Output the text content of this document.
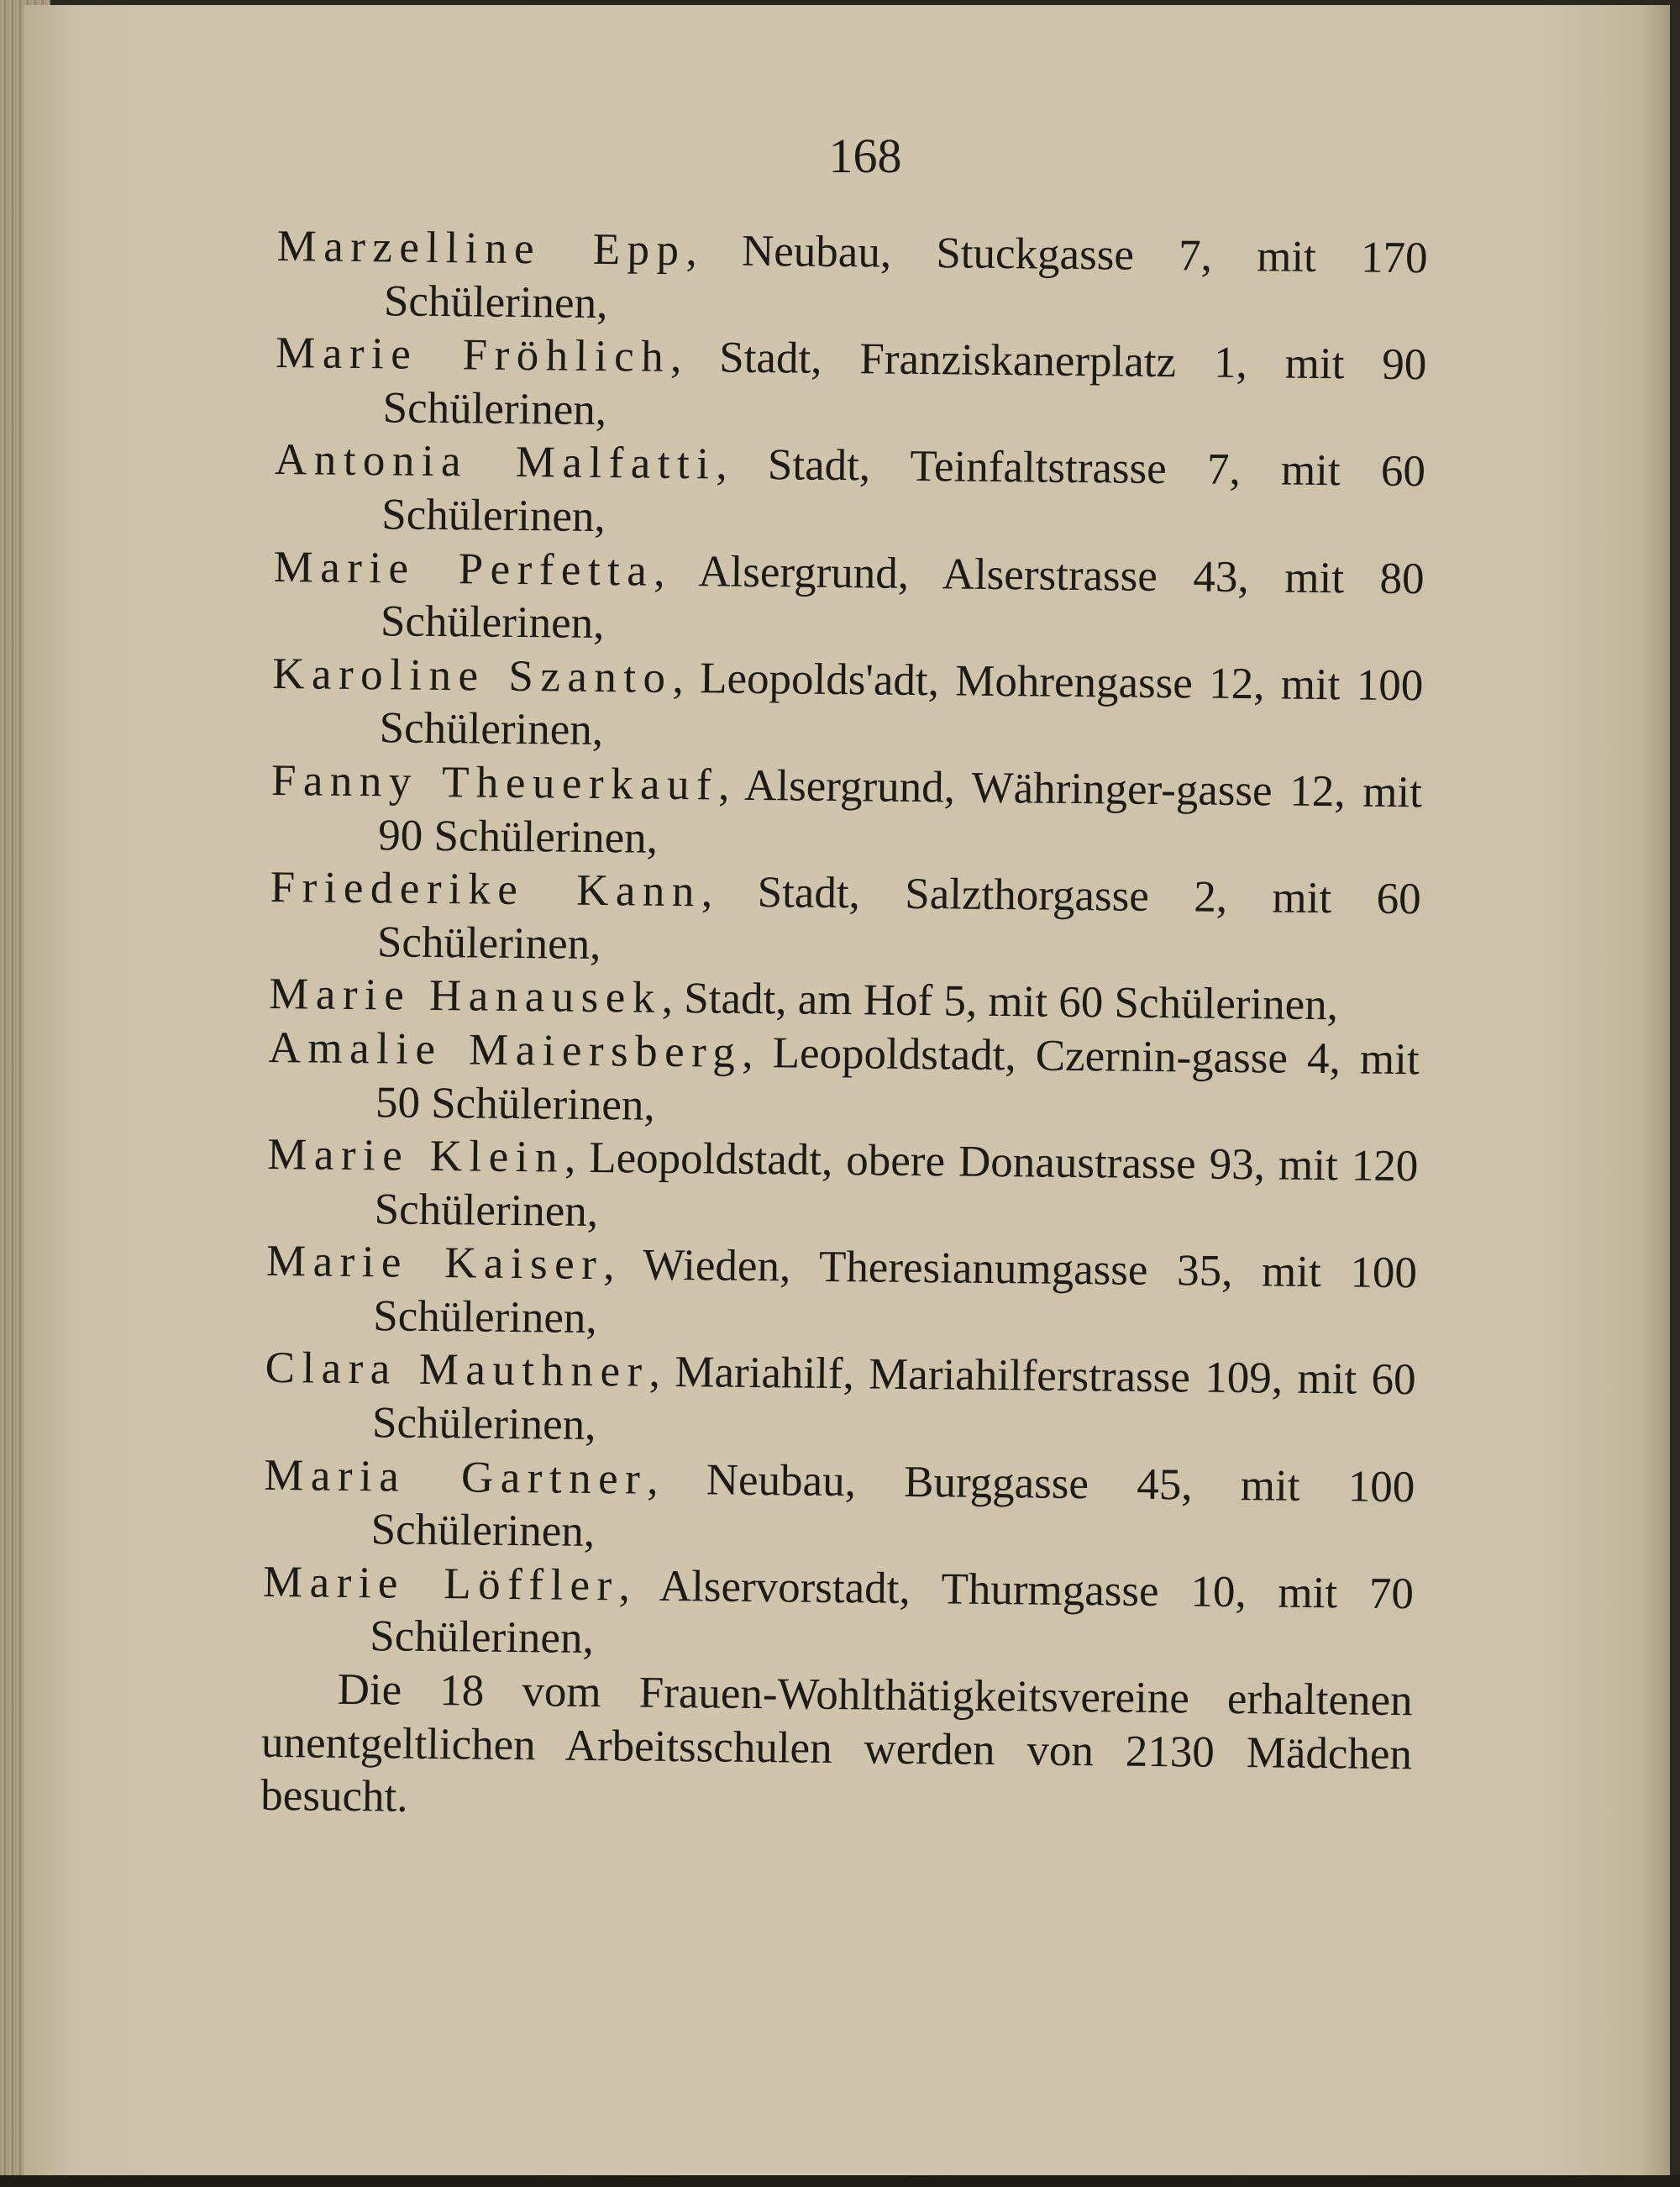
168

Marzelline Epp, Neubau, Stuckgasse 7, mit 170 Schülerinen,

Marie Fröhlich, Stadt, Franziskanerplatz 1, mit 90 Schülerinen,

Antonia Malfatti, Stadt, Teinfaltstrasse 7, mit 60 Schülerinen,

Marie Perfetta, Alsergrund, Alserstrasse 43, mit 80 Schülerinen,

Karoline Szanto, Leopolds'adt, Mohrengasse 12, mit 100 Schülerinen,

Fanny Theuerkauf, Alsergrund, Währinger-gasse 12, mit 90 Schülerinen,

Friederike Kann, Stadt, Salzthorgasse 2, mit 60 Schülerinen,

Marie Hanausek, Stadt, am Hof 5, mit 60 Schülerinen,

Amalie Maiersberg, Leopoldstadt, Czernin-gasse 4, mit 50 Schülerinen,

Marie Klein, Leopoldstadt, obere Donaustrasse 93, mit 120 Schülerinen,

Marie Kaiser, Wieden, Theresianumgasse 35, mit 100 Schülerinen,

Clara Mauthner, Mariahilf, Mariahilferstrasse 109, mit 60 Schülerinen,

Maria Gartner, Neubau, Burggasse 45, mit 100 Schülerinen,

Marie Löffler, Alservorstadt, Thurmgasse 10, mit 70 Schülerinen,

Die 18 vom Frauen-Wohlthätigkeitsvereine erhaltenen unentgeltlichen Arbeitsschulen werden von 2130 Mädchen besucht.
